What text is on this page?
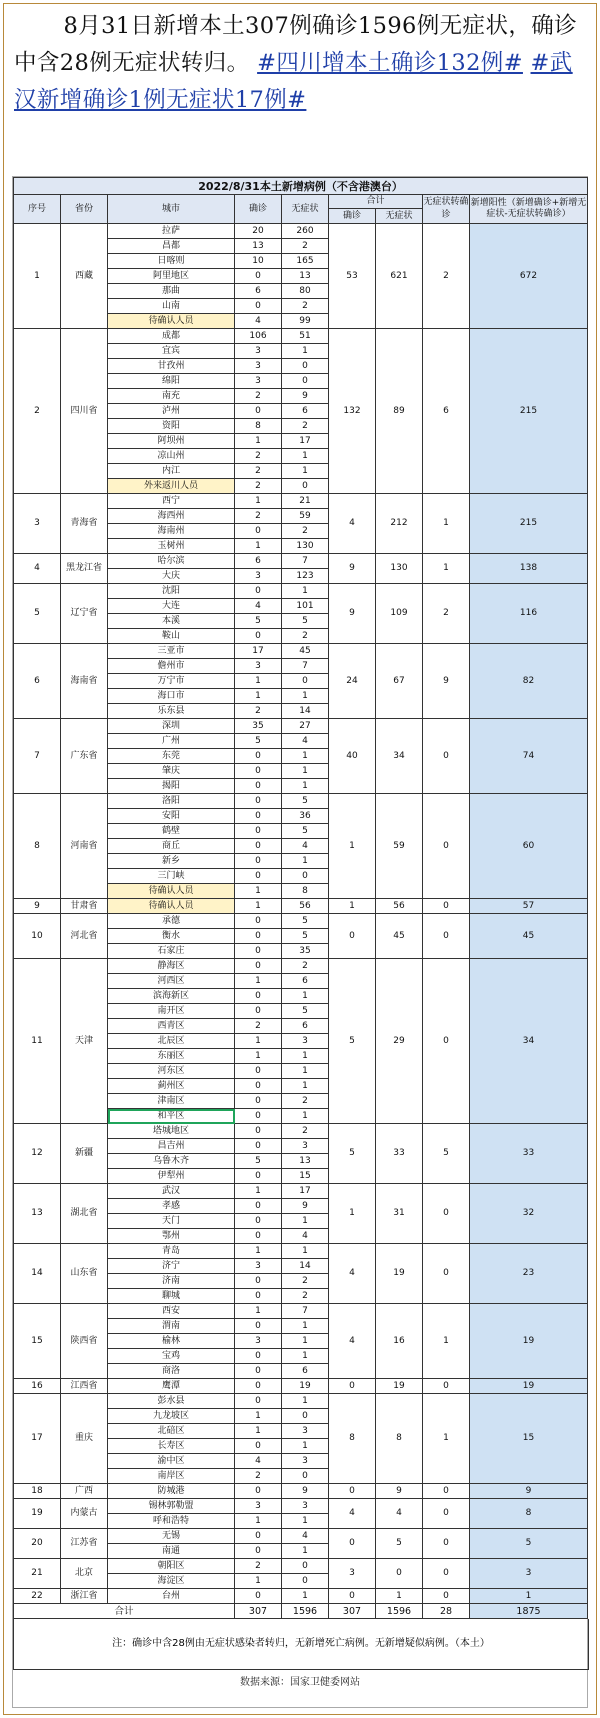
8月31日新增本土307例确诊1596例无症状，确诊中含28例无症状转归。 #四川增本土确诊132例# #武汉新增确诊1例无症状17例#

2022/8/31本土新增病例（不含港澳台）								
序号	省份	城市	确诊	无症状	合计		无症状转确诊	新增阳性（新增确诊+新增无症状-无症状转确诊）
					确诊	无症状		
1	西藏	拉萨	20	260	53	621	2	672
		昌都	13	2				
		日喀则	10	165				
		阿里地区	0	13				
		那曲	6	80				
		山南	0	2				
		待确认人员	4	99				
2	四川省	成都	106	51	132	89	6	215
		宜宾	3	1				
		甘孜州	3	0				
		绵阳	3	0				
		南充	2	9				
		泸州	0	6				
		资阳	8	2				
		阿坝州	1	17				
		凉山州	2	1				
		内江	2	1				
		外来返川人员	2	0				
3	青海省	西宁	1	21	4	212	1	215
		海西州	2	59				
		海南州	0	2				
		玉树州	1	130				
4	黑龙江省	哈尔滨	6	7	9	130	1	138
		大庆	3	123				
5	辽宁省	沈阳	0	1	9	109	2	116
		大连	4	101				
		本溪	5	5				
		鞍山	0	2				
6	海南省	三亚市	17	45	24	67	9	82
		儋州市	3	7				
		万宁市	1	0				
		海口市	1	1				
		乐东县	2	14				
7	广东省	深圳	35	27	40	34	0	74
		广州	5	4				
		东莞	0	1				
		肇庆	0	1				
		揭阳	0	1				
8	河南省	洛阳	0	5	1	59	0	60
		安阳	0	36				
		鹤壁	0	5				
		商丘	0	4				
		新乡	0	1				
		三门峡	0	0				
		待确认人员	1	8				
9	甘肃省	待确认人员	1	56	1	56	0	57
10	河北省	承德	0	5	0	45	0	45
		衡水	0	5				
		石家庄	0	35				
11	天津	静海区	0	2	5	29	0	34
		河西区	1	6				
		滨海新区	0	1				
		南开区	0	5				
		西青区	2	6				
		北辰区	1	3				
		东丽区	1	1				
		河东区	0	1				
		蓟州区	0	1				
		津南区	0	2				
		和平区	0	1				
12	新疆	塔城地区	0	2	5	33	5	33
		昌吉州	0	3				
		乌鲁木齐	5	13				
		伊犁州	0	15				
13	湖北省	武汉	1	17	1	31	0	32
		孝感	0	9				
		天门	0	1				
		鄂州	0	4				
14	山东省	青岛	1	1	4	19	0	23
		济宁	3	14				
		济南	0	2				
		聊城	0	2				
15	陕西省	西安	1	7	4	16	1	19
		渭南	0	1				
		榆林	3	1				
		宝鸡	0	1				
		商洛	0	6				
16	江西省	鹰潭	0	19	0	19	0	19
17	重庆	彭水县	0	1	8	8	1	15
		九龙坡区	1	0				
		北碚区	1	3				
		长寿区	0	1				
		渝中区	4	3				
		南岸区	2	0				
18	广西	防城港	0	9	0	9	0	9
19	内蒙古	锡林郭勒盟	3	3	4	4	0	8
		呼和浩特	1	1				
20	江苏省	无锡	0	4	0	5	0	5
		南通	0	1				
21	北京	朝阳区	2	0	3	0	0	3
		海淀区	1	0				
22	浙江省	台州	0	1	0	1	0	1
合计			307	1596	307	1596	28	1875
注：确诊中含28例由无症状感染者转归，无新增死亡病例。无新增疑似病例。（本土）
数据来源：国家卫健委网站
